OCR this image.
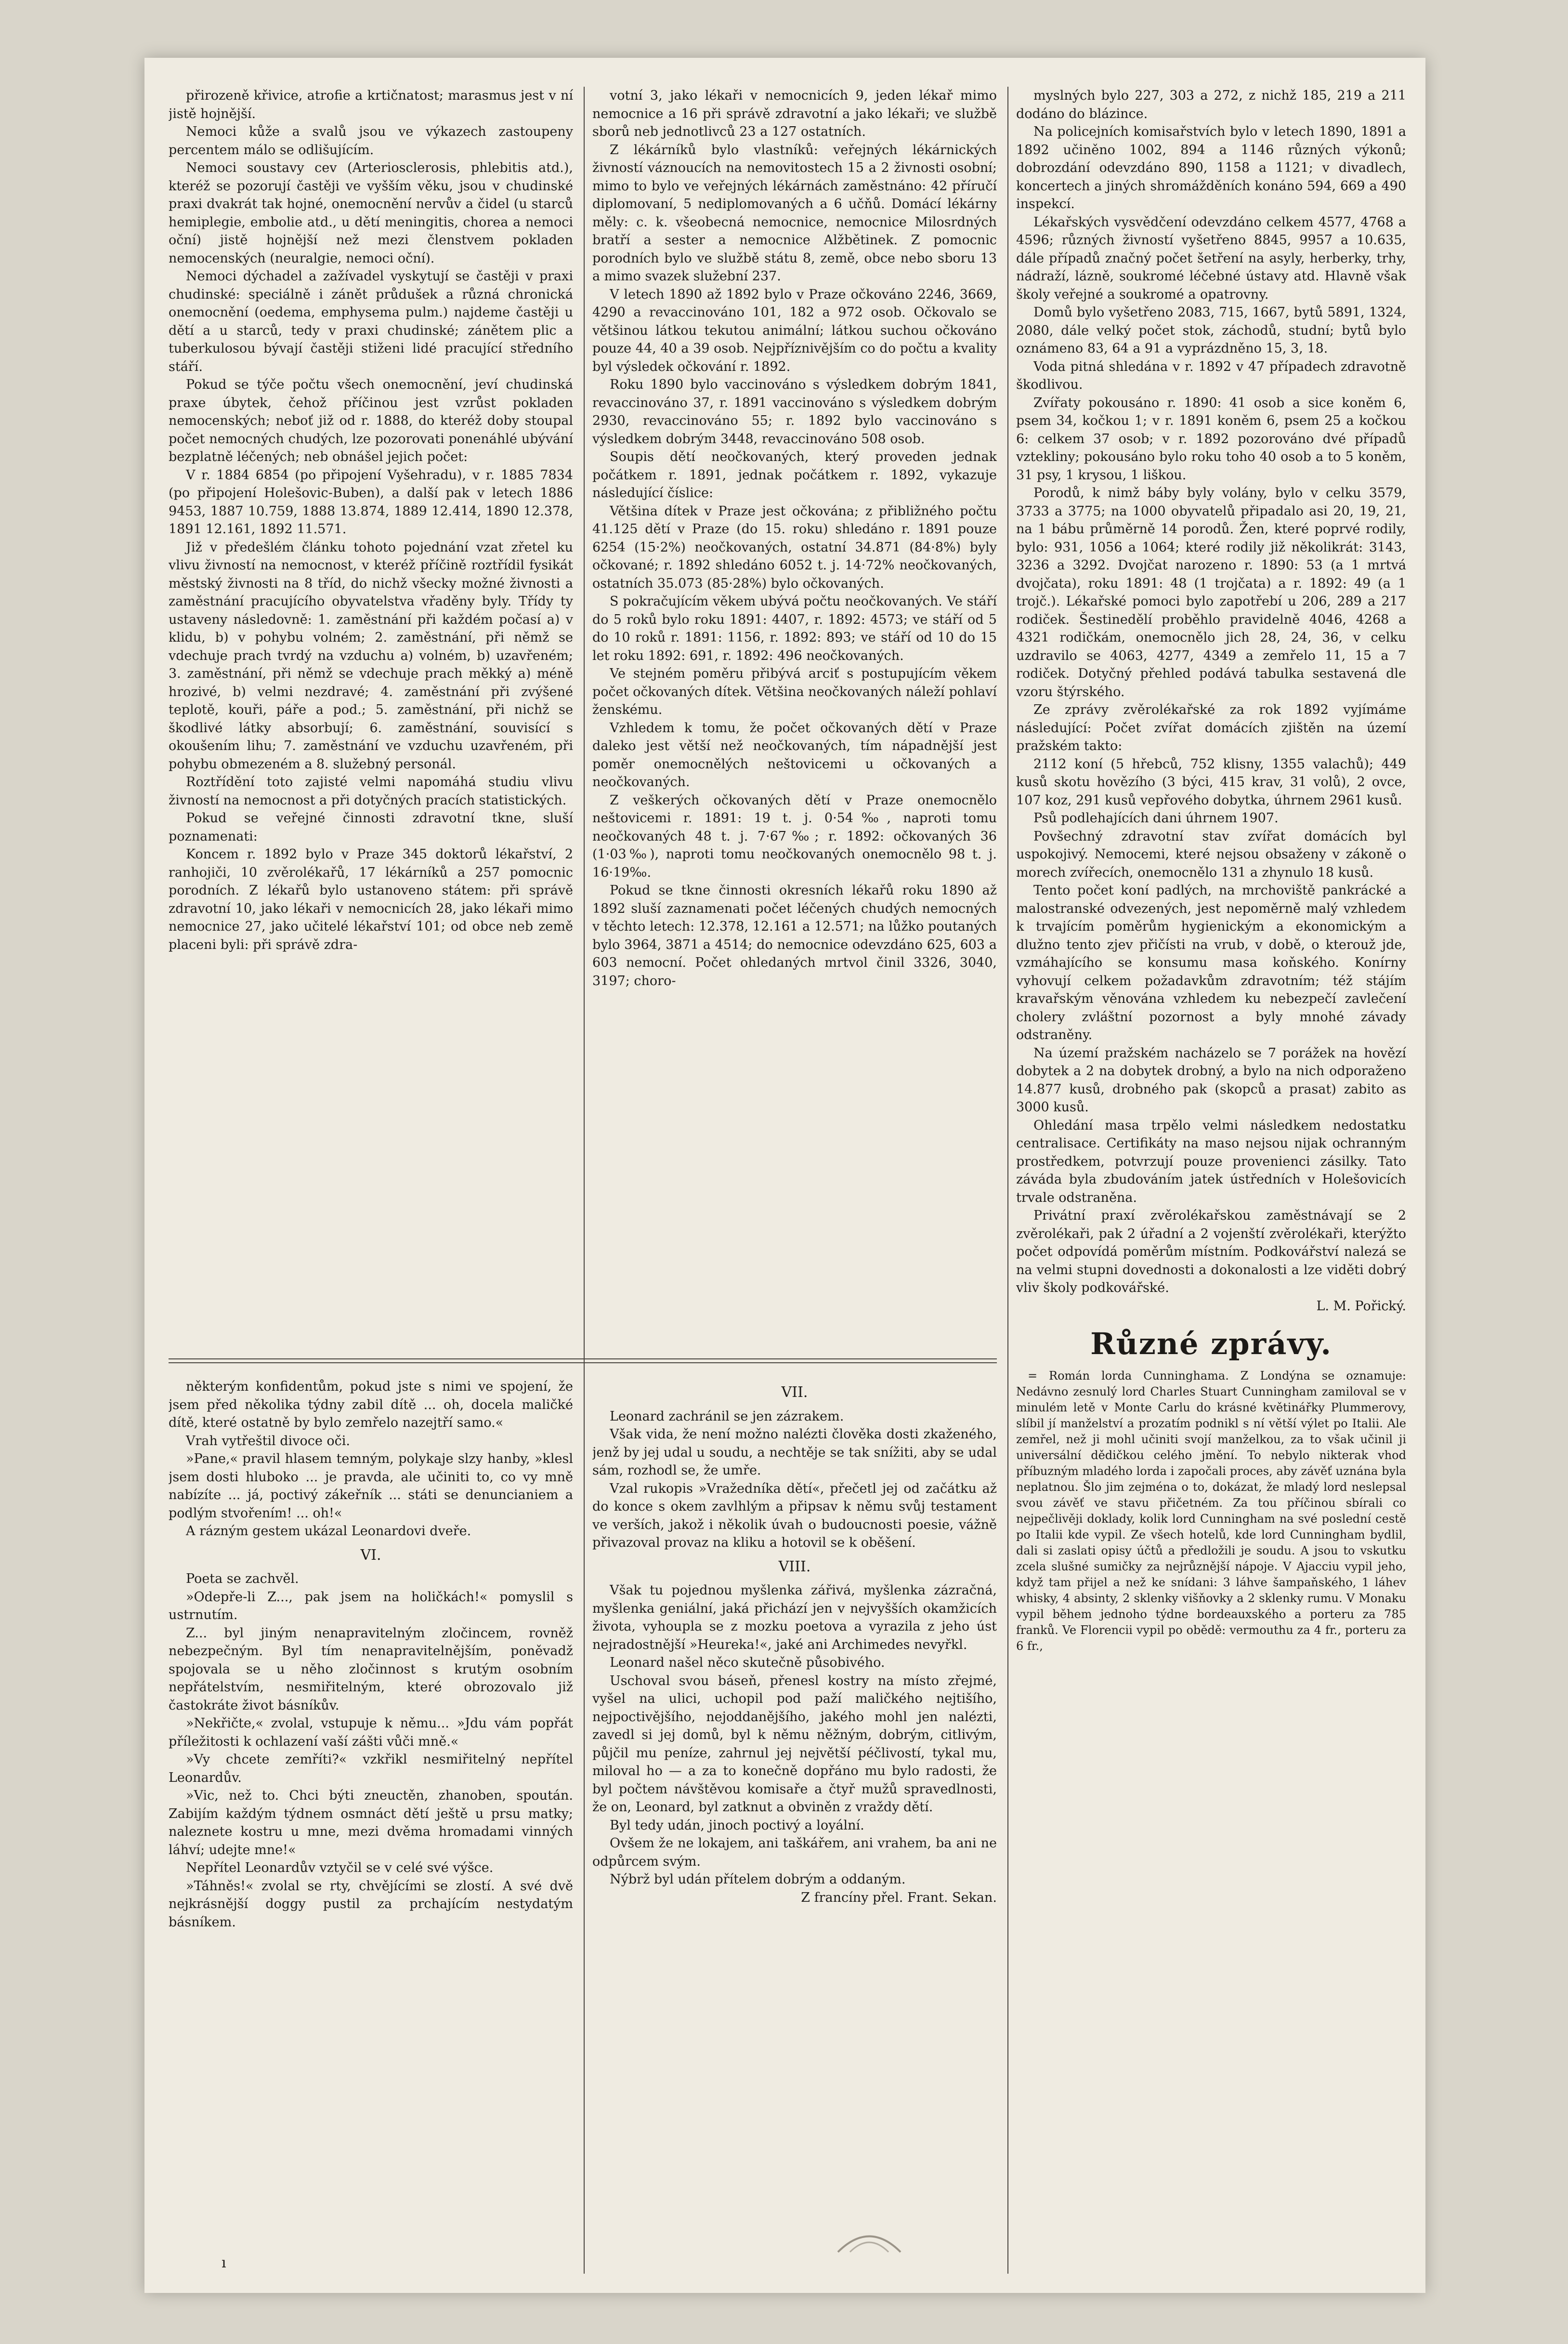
přirozeně křivice, atrofie a krtičnatost; marasmus jest v ní jistě hojnější.

Nemoci kůže a svalů jsou ve výkazech zastoupeny percentem málo se odlišujícím.

Nemoci soustavy cev (Arteriosclerosis, phlebitis atd.), kteréž se pozorují častěji ve vyšším věku, jsou v chudinské praxi dvakrát tak hojné, onemocnění nervův a čidel (u starců hemiplegie, embolie atd., u dětí meningitis, chorea a nemoci oční) jistě hojnější než mezi členstvem pokladen nemocenských (neuralgie, nemoci oční).

Nemoci dýchadel a zažívadel vyskytují se častěji v praxi chudinské: speciálně i zánět průdušek a různá chronická onemocnění (oedema, emphysema pulm.) najdeme častěji u dětí a u starců, tedy v praxi chudinské; zánětem plic a tuberkulosou bývají častěji stiženi lidé pracující středního stáří.

Pokud se týče počtu všech onemocnění, jeví chudinská praxe úbytek, čehož příčinou jest vzrůst pokladen nemocenských; neboť již od r. 1888, do kteréž doby stoupal počet nemocných chudých, lze pozorovati ponenáhlé ubývání bezplatně léčených; neb obnášel jejich počet:

V r. 1884 6854 (po připojení Vyšehradu), v r. 1885 7834 (po připojení Holešovic-Buben), a další pak v letech 1886 9453, 1887 10.759, 1888 13.874, 1889 12.414, 1890 12.378, 1891 12.161, 1892 11.571.

Již v předešlém článku tohoto pojednání vzat zřetel ku vlivu živností na nemocnost, v kteréž příčině roztřídil fysikát městský živnosti na 8 tříd, do nichž všecky možné živnosti a zaměstnání pracujícího obyvatelstva vřaděny byly. Třídy ty ustaveny následovně: 1. zaměstnání při každém počasí a) v klidu, b) v pohybu volném; 2. zaměstnání, při němž se vdechuje prach tvrdý na vzduchu a) volném, b) uzavřeném; 3. zaměstnání, při němž se vdechuje prach měkký a) méně hrozivé, b) velmi nezdravé; 4. zaměstnání při zvýšené teplotě, kouři, páře a pod.; 5. zaměstnání, při nichž se škodlivé látky absorbují; 6. zaměstnání, souvisící s okoušením lihu; 7. zaměstnání ve vzduchu uzavřeném, při pohybu obmezeném a 8. služebný personál.

Roztřídění toto zajisté velmi napomáhá studiu vlivu živností na nemocnost a při dotyčných pracích statistických.

Pokud se veřejné činnosti zdravotní tkne, sluší poznamenati:

Koncem r. 1892 bylo v Praze 345 doktorů lékařství, 2 ranhojiči, 10 zvěrolékařů, 17 lékárníků a 257 pomocnic porodních. Z lékařů bylo ustanoveno státem: při správě zdravotní 10, jako lékaři v nemocnicích 28, jako lékaři mimo nemocnice 27, jako učitelé lékařství 101; od obce neb země placeni byli: při správě zdra-

votní 3, jako lékaři v nemocnicích 9, jeden lékař mimo nemocnice a 16 při správě zdravotní a jako lékaři; ve službě sborů neb jednotlivců 23 a 127 ostatních.

Z lékárníků bylo vlastníků: veřejných lékárnických živností váznoucích na nemovitostech 15 a 2 živnosti osobní; mimo to bylo ve veřejných lékárnách zaměstnáno: 42 příručí diplomovaní, 5 nediplomovaných a 6 učňů. Domácí lékárny měly: c. k. všeobecná nemocnice, nemocnice Milosrdných bratří a sester a nemocnice Alžbětinek. Z pomocnic porodních bylo ve službě státu 8, země, obce nebo sboru 13 a mimo svazek služební 237.

V letech 1890 až 1892 bylo v Praze očkováno 2246, 3669, 4290 a revaccinováno 101, 182 a 972 osob. Očkovalo se většinou látkou tekutou animální; látkou suchou očkováno pouze 44, 40 a 39 osob. Nejpříznivějším co do počtu a kvality byl výsledek očkování r. 1892.

Roku 1890 bylo vaccinováno s výsledkem dobrým 1841, revaccinováno 37, r. 1891 vaccinováno s výsledkem dobrým 2930, revaccinováno 55; r. 1892 bylo vaccinováno s výsledkem dobrým 3448, revaccinováno 508 osob.

Soupis dětí neočkovaných, který proveden jednak počátkem r. 1891, jednak počátkem r. 1892, vykazuje následující číslice:

Většina dítek v Praze jest očkována; z přibližného počtu 41.125 dětí v Praze (do 15. roku) shledáno r. 1891 pouze 6254 (15·2%) neočkovaných, ostatní 34.871 (84·8%) byly očkované; r. 1892 shledáno 6052 t. j. 14·72% neočkovaných, ostatních 35.073 (85·28%) bylo očkovaných.

S pokračujícím věkem ubývá počtu neočkovaných. Ve stáří do 5 roků bylo roku 1891: 4407, r. 1892: 4573; ve stáří od 5 do 10 roků r. 1891: 1156, r. 1892: 893; ve stáří od 10 do 15 let roku 1892: 691, r. 1892: 496 neočkovaných.

Ve stejném poměru přibývá arciť s postupujícím věkem počet očkovaných dítek. Většina neočkovaných náleží pohlaví ženskému.

Vzhledem k tomu, že počet očkovaných dětí v Praze daleko jest větší než neočkovaných, tím nápadnější jest poměr onemocnělých neštovicemi u očkovaných a neočkovaných.

Z veškerých očkovaných dětí v Praze onemocnělo neštovicemi r. 1891: 19 t. j. 0·54‰, naproti tomu neočkovaných 48 t. j. 7·67‰; r. 1892: očkovaných 36 (1·03‰), naproti tomu neočkovaných onemocnělo 98 t. j. 16·19‰.

Pokud se tkne činnosti okresních lékařů roku 1890 až 1892 sluší zaznamenati počet léčených chudých nemocných v těchto letech: 12.378, 12.161 a 12.571; na lůžko poutaných bylo 3964, 3871 a 4514; do nemocnice odevzdáno 625, 603 a 603 nemocní. Počet ohledaných mrtvol činil 3326, 3040, 3197; choro-

myslných bylo 227, 303 a 272, z nichž 185, 219 a 211 dodáno do blázince.

Na policejních komisařstvích bylo v letech 1890, 1891 a 1892 učiněno 1002, 894 a 1146 různých výkonů; dobrozdání odevzdáno 890, 1158 a 1121; v divadlech, koncertech a jiných shromážděních konáno 594, 669 a 490 inspekcí.

Lékařských vysvědčení odevzdáno celkem 4577, 4768 a 4596; různých živností vyšetřeno 8845, 9957 a 10.635, dále případů značný počet šetření na asyly, herberky, trhy, nádraží, lázně, soukromé léčebné ústavy atd. Hlavně však školy veřejné a soukromé a opatrovny.

Domů bylo vyšetřeno 2083, 715, 1667, bytů 5891, 1324, 2080, dále velký počet stok, záchodů, studní; bytů bylo oznámeno 83, 64 a 91 a vyprázdněno 15, 3, 18.

Voda pitná shledána v r. 1892 v 47 případech zdravotně škodlivou.

Zvířaty pokousáno r. 1890: 41 osob a sice koněm 6, psem 34, kočkou 1; v r. 1891 koněm 6, psem 25 a kočkou 6: celkem 37 osob; v r. 1892 pozorováno dvé případů vztekliny; pokousáno bylo roku toho 40 osob a to 5 koněm, 31 psy, 1 krysou, 1 liškou.

Porodů, k nimž báby byly volány, bylo v celku 3579, 3733 a 3775; na 1000 obyvatelů připadalo asi 20, 19, 21, na 1 bábu průměrně 14 porodů. Žen, které poprvé rodily, bylo: 931, 1056 a 1064; které rodily již několikrát: 3143, 3236 a 3292. Dvojčat narozeno r. 1890: 53 (a 1 mrtvá dvojčata), roku 1891: 48 (1 trojčata) a r. 1892: 49 (a 1 trojč.). Lékařské pomoci bylo zapotřebí u 206, 289 a 217 rodiček. Šestinedělí proběhlo pravidelně 4046, 4268 a 4321 rodičkám, onemocnělo jich 28, 24, 36, v celku uzdravilo se 4063, 4277, 4349 a zemřelo 11, 15 a 7 rodiček. Dotyčný přehled podává tabulka sestavená dle vzoru štýrského.

Ze zprávy zvěrolékařské za rok 1892 vyjímáme následující: Počet zvířat domácích zjištěn na území pražském takto:

2112 koní (5 hřebců, 752 klisny, 1355 valachů); 449 kusů skotu hovězího (3 býci, 415 krav, 31 volů), 2 ovce, 107 koz, 291 kusů vepřového dobytka, úhrnem 2961 kusů.

Psů podlehajících dani úhrnem 1907.

Povšechný zdravotní stav zvířat domácích byl uspokojivý. Nemocemi, které nejsou obsaženy v zákoně o morech zvířecích, onemocnělo 131 a zhynulo 18 kusů.

Tento počet koní padlých, na mrchoviště pankrácké a malostranské odvezených, jest nepoměrně malý vzhledem k trvajícím poměrům hygienickým a ekonomickým a dlužno tento zjev přičísti na vrub, v době, o kterouž jde, vzmáhajícího se konsumu masa koňského. Konírny vyhovují celkem požadavkům zdravotním; též stájím kravařským věnována vzhledem ku nebezpečí zavlečení cholery zvláštní pozornost a byly mnohé závady odstraněny.

Na území pražském nacházelo se 7 porážek na hovězí dobytek a 2 na dobytek drobný, a bylo na nich odporaženo 14.877 kusů, drobného pak (skopců a prasat) zabito as 3000 kusů.

Ohledání masa trpělo velmi následkem nedostatku centralisace. Certifikáty na maso nejsou nijak ochranným prostředkem, potvrzují pouze provenienci zásilky. Tato záváda byla zbudováním jatek ústředních v Holešovicích trvale odstraněna.

Privátní praxí zvěrolékařskou zaměstnávají se 2 zvěrolékaři, pak 2 úřadní a 2 vojenští zvěrolékaři, kterýžto počet odpovídá poměrům místním. Podkovářství nalezá se na velmi stupni dovednosti a dokonalosti a lze viděti dobrý vliv školy podkovářské.

L. M. Pořický.

Různé zprávy.

= Román lorda Cunninghama. Z Londýna se oznamuje: Nedávno zesnulý lord Charles Stuart Cunningham zamiloval se v minulém letě v Monte Carlu do krásné květinářky Plummerovy, slíbil jí manželství a prozatím podnikl s ní větší výlet po Italii. Ale zemřel, než ji mohl učiniti svojí manželkou, za to však učinil ji universální dědičkou celého jmění. To nebylo nikterak vhod příbuzným mladého lorda i započali proces, aby závěť uznána byla neplatnou. Šlo jim zejména o to, dokázat, že mladý lord neslepsal svou závěť ve stavu přičetném. Za tou příčinou sbírali co nejpečlivěji doklady, kolik lord Cunningham na své poslední cestě po Italii kde vypil. Ze všech hotelů, kde lord Cunningham bydlil, dali si zaslati opisy účtů a předložili je soudu. A jsou to vskutku zcela slušné sumičky za nejrůznější nápoje. V Ajacciu vypil jeho, když tam přijel a než ke snídani: 3 láhve šampaňského, 1 láhev whisky, 4 absinty, 2 sklenky višňovky a 2 sklenky rumu. V Monaku vypil během jednoho týdne bordeauxského a porteru za 785 franků. Ve Florencii vypil po obědě: vermouthu za 4 fr., porteru za 6 fr.,

některým konfidentům, pokud jste s nimi ve spojení, že jsem před několika týdny zabil dítě ... oh, docela maličké dítě, které ostatně by bylo zemřelo nazejtří samo.«

Vrah vytřeštil divoce oči.

»Pane,« pravil hlasem temným, polykaje slzy hanby, »klesl jsem dosti hluboko ... je pravda, ale učiniti to, co vy mně nabízíte ... já, poctivý zákeřník ... státi se denuncianiem a podlým stvořením! ... oh!«

A rázným gestem ukázal Leonardovi dveře.

VI.

Poeta se zachvěl.

»Odepře-li Z..., pak jsem na holičkách!« pomyslil s ustrnutím.

Z... byl jiným nenapravitelným zločincem, rovněž nebezpečným. Byl tím nenapravitelnějším, poněvadž spojovala se u něho zločinnost s krutým osobním nepřátelstvím, nesmiřitelným, které obrozovalo již častokráte život básníkův.

»Nekřičte,« zvolal, vstupuje k němu... »Jdu vám popřát příležitosti k ochlazení vaší zášti vůči mně.«

»Vy chcete zemříti?« vzkřikl nesmiřitelný nepřítel Leonardův.

»Vic, než to. Chci býti zneuctěn, zhanoben, spoután. Zabijím každým týdnem osmnáct dětí ještě u prsu matky; naleznete kostru u mne, mezi dvěma hromadami vinných láhví; udejte mne!«

Nepřítel Leonardův vztyčil se v celé své výšce.

»Táhněs!« zvolal se rty, chvějícími se zlostí. A své dvě nejkrásnější doggy pustil za prchajícím nestydatým básníkem.

VII.

Leonard zachránil se jen zázrakem.

Však vida, že není možno nalézti člověka dosti zkaženého, jenž by jej udal u soudu, a nechtěje se tak snížiti, aby se udal sám, rozhodl se, že umře.

Vzal rukopis »Vražedníka dětí«, přečetl jej od začátku až do konce s okem zavlhlým a připsav k němu svůj testament ve verších, jakož i několik úvah o budoucnosti poesie, vážně přivazoval provaz na kliku a hotovil se k oběšení.

VIII.

Však tu pojednou myšlenka zářivá, myšlenka zázračná, myšlenka geniální, jaká přichází jen v nejvyšších okamžicích života, vyhoupla se z mozku poetova a vyrazila z jeho úst nejradostnější »Heureka!«, jaké ani Archimedes nevyřkl.

Leonard našel něco skutečně působivého.

Uschoval svou báseň, přenesl kostry na místo zřejmé, vyšel na ulici, uchopil pod paží maličkého nejtišího, nejpoctivějšího, nejoddanějšího, jakého mohl jen nalézti, zavedl si jej domů, byl k němu něžným, dobrým, citlivým, půjčil mu peníze, zahrnul jej největší péčlivostí, tykal mu, miloval ho — a za to konečně dopřáno mu bylo radosti, že byl počtem návštěvou komisaře a čtyř mužů spravedlnosti, že on, Leonard, byl zatknut a obviněn z vraždy dětí.

Byl tedy udán, jinoch poctivý a loyální.

Ovšem že ne lokajem, ani taškářem, ani vrahem, ba ani ne odpůrcem svým.

Nýbrž byl udán přítelem dobrým a oddaným.

Z francíny přel. Frant. Sekan.

ı
